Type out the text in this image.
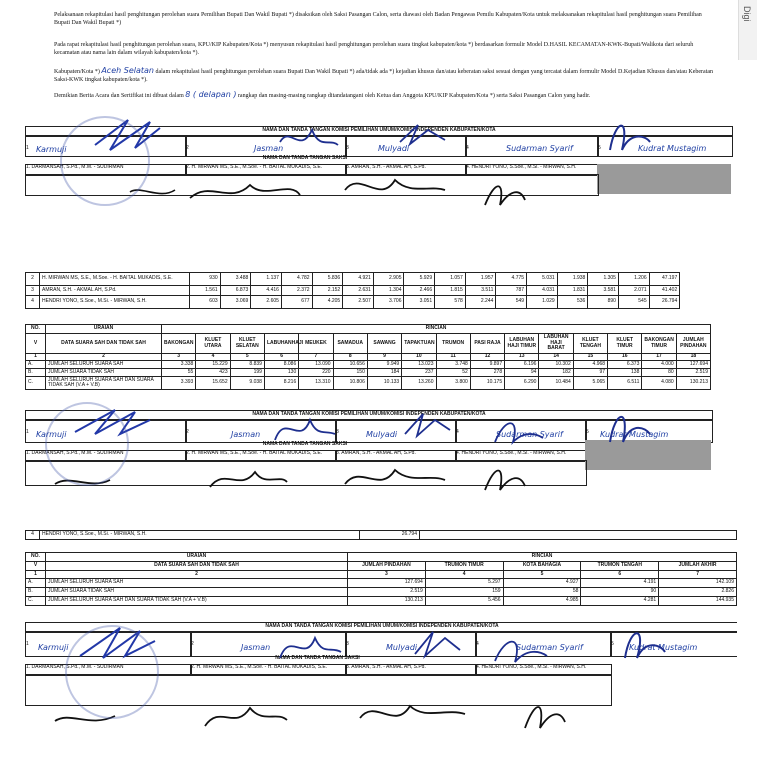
Pelaksanaan rekapitulasi hasil penghitungan perolehan suara Pemilihan Bupati Dan Wakil Bupati *) disaksikan oleh Saksi Pasangan Calon, serta diawasi oleh Badan Pengawas Pemilu Kabupaten/Kota untuk melaksanakan rekapitulasi hasil penghitungan suara Pemilihan Bupati Dan Wakil Bupati *)
Pada rapat rekapitulasi hasil penghitungan perolehan suara, KPU/KIP Kabupaten/Kota *) menyusun rekapitulasi hasil penghitungan perolehan suara tingkat kabupaten/kota *) berdasarkan formulir Model D.HASIL KECAMATAN-KWK-Bupati/Walikota dari seluruh kecamatan atau nama lain dalam wilayah kabupaten/kota *).
Kabupaten/Kota *) Aceh Selatan dalam rekapitulasi hasil penghitungan perolehan suara Bupati Dan Wakil Bupati *) ada/tidak ada *) kejadian khusus dan/atau keberatan saksi sesuai dengan yang tercatat dalam formulir Model D.Kejadian Khusus dan/atau Keberatan Saksi-KWK tingkat kabupaten/kota *).
Demikian Berita Acara dan Sertifikat ini dibuat dalam 8 ( delapan ) rangkap dan masing-masing rangkap ditandatangani oleh Ketua dan Anggota KPU/KIP Kabupaten/Kota *) serta Saksi Pasangan Calon yang hadir.
NAMA DAN TANDA TANGAN KOMISI PEMILIHAN UMUM/KOMISI INDEPENDEN KABUPATEN/KOTA
1 Karmuji	2	Jasman	3	Mulyadi	4	Sudarman Syarif	5	Kudrat Mustagim
NAMA DAN TANDA TANGAN SAKSI
1. DARMANSAH, S.Pd., M.M. - SUDIRMAN	2. H. MIRWAN MS, S.E., M.Soe. - H. BAITAL MUKADIS, S.E.	3. AMRAN, S.H. - AKMAL AH, S.Pd.	4. HENDRI YONO, S.Soe., M.Si. - MIRWAN, S.H.
2	H. MIRWAN MS, S.E., M.Soe. - H. BAITAL MUKADIS, S.E.	930	3.488	1.137	4.782	5.836	4.921	2.905	5.929	1.057	1.957	4.775	5.031	1.938	1.305	1.206	47.197
3	AMRAN, S.H. - AKMAL AH, S.Pd.	1.561	6.873	4.416	2.372	2.152	2.631	1.304	2.466	1.815	3.511	787	4.031	1.831	3.581	2.071	41.402
4	HENDRI YONO, S.Soe., M.Si. - MIRWAN, S.H.	603	3.069	2.605	677	4.205	2.507	3.706	3.051	578	2.244	549	1.029	536	890	545	26.794
NO.	URAIAN	RINCIAN															
V	DATA SUARA SAH DAN TIDAK SAH	BAKONGAN	KLUET UTARA	KLUET SELATAN	LABUHANHAJI	MEUKEK	SAMADUA	SAWANG	TAPAKTUAN	TRUMON	PASI RAJA	LABUHAN HAJI TIMUR	LABUHAN HAJI BARAT	KLUET TENGAH	KLUET TIMUR	BAKONGAN TIMUR	JUMLAH PINDAHAN
1	2	3	4	5	6	7	8	9	10	11	12	13	14	15	16	17	18
A.	JUMLAH SELURUH SUARA SAH	3.338	15.229	8.839	8.086	13.090	10.656	9.949	13.023	3.748	9.897	6.196	10.302	4.968	6.373	4.000	127.694
B.	JUMLAH SUARA TIDAK SAH	55	423	199	130	220	150	184	237	52	278	94	182	97	138	80	2.519
C.	JUMLAH SELURUH SUARA SAH DAN SUARA TIDAK SAH (V.A + V.B)	3.393	15.652	9.038	8.216	13.310	10.806	10.133	13.260	3.800	10.175	6.290	10.484	5.065	6.511	4.080	130.213
NAMA DAN TANDA TANGAN KOMISI PEMILIHAN UMUM/KOMISI INDEPENDEN KABUPATEN/KOTA
1 Karmuji	2	Jasman	3	Mulyadi	4	Sudarman Syarif	5 Kudrat Mustagim
NAMA DAN TANDA TANGAN SAKSI
1. DARMANSAH, S.Pd., M.M. - SUDIRMAN	2. H. MIRWAN MS, S.E., M.Soe. - H. BAITAL MUKADIS, S.E.	3. AMRAN, S.H. - AKMAL AH, S.Pd.	4. HENDRI YONO, S.Soe., M.Si. - MIRWAN, S.H.
4	HENDRI YONO, S.Soe., M.Si. - MIRWAN, S.H.	26.794	
NO.	URAIAN	RINCIAN				
V	DATA SUARA SAH DAN TIDAK SAH	JUMLAH PINDAHAN	TRUMON TIMUR	KOTA BAHAGIA	TRUMON TENGAH	JUMLAH AKHIR
1	2	3	4	5	6	7
A.	JUMLAH SELURUH SUARA SAH	127.694	5.297	4.927	4.191	142.109
B.	JUMLAH SUARA TIDAK SAH	2.519	159	58	90	2.826
C.	JUMLAH SELURUH SUARA SAH DAN SUARA TIDAK SAH (V.A + V.B)	130.213	5.456	4.985	4.281	144.935
NAMA DAN TANDA TANGAN KOMISI PEMILIHAN UMUM/KOMISI INDEPENDEN KABUPATEN/KOTA
1 Karmuji	2	Jasman	3	Mulyadi	4	Sudarman Syarif	5 Kudrat Mustagim
NAMA DAN TANDA TANGAN SAKSI
1. DARMANSAH, S.Pd., M.M. - SUDIRMAN	2. H. MIRWAN MS, S.E., M.Soe. - H. BAITAL MUKADIS, S.E.	3. AMRAN, S.H. - AKMAL AH, S.Pd.	4. HENDRI YONO, S.Soe., M.Si. - MIRWAN, S.H.
Digi
